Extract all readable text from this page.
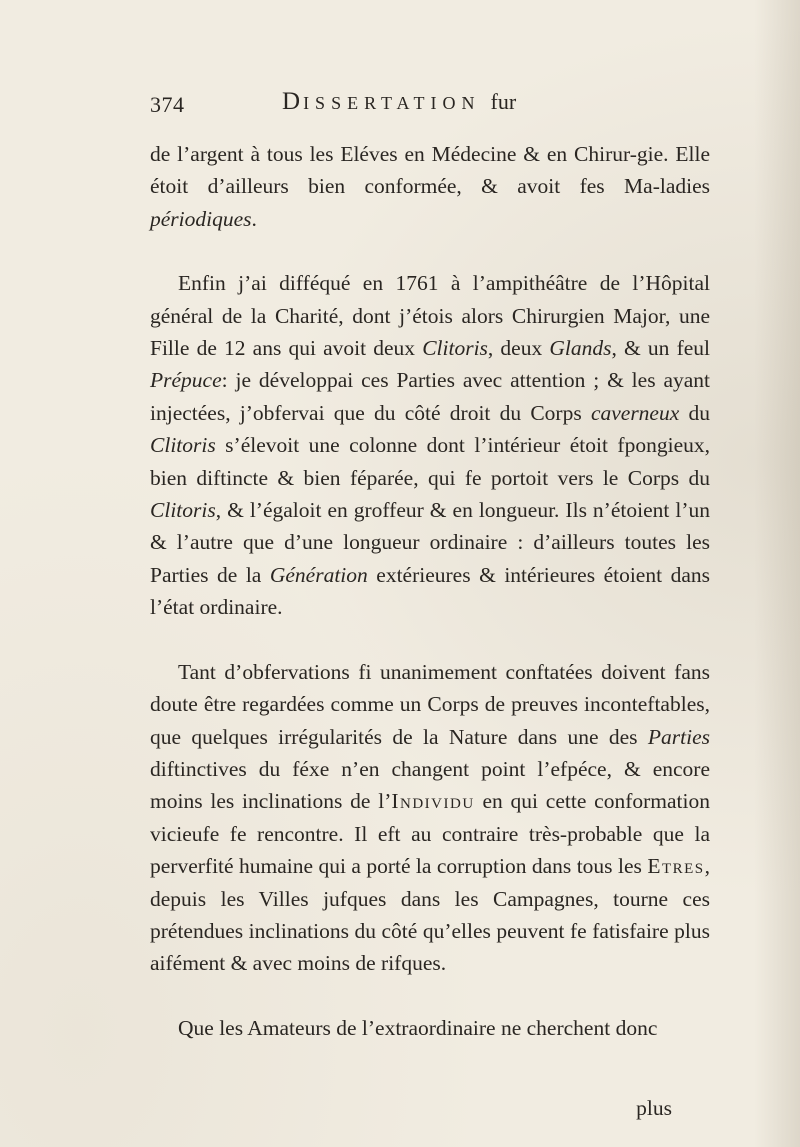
374	DISSERTATION fur

de l’argent à tous les Eléves en Médecine & en Chirur-gie. Elle étoit d’ailleurs bien conformée, & avoit fes Ma-ladies périodiques.

Enfin j’ai difféqué en 1761 à l’ampithéâtre de l’Hôpital général de la Charité, dont j’étois alors Chirurgien Major, une Fille de 12 ans qui avoit deux Clitoris, deux Glands, & un feul Prépuce: je développai ces Parties avec attention ; & les ayant injectées, j’obfervai que du côté droit du Corps caverneux du Clitoris s’élevoit une colonne dont l’intérieur étoit fpongieux, bien diftincte & bien féparée, qui fe portoit vers le Corps du Clitoris, & l’égaloit en groffeur & en longueur. Ils n’étoient l’un & l’autre que d’une longueur ordinaire : d’ailleurs toutes les Parties de la Génération extérieures & intérieures étoient dans l’état ordinaire.

Tant d’obfervations fi unanimement conftatées doivent fans doute être regardées comme un Corps de preuves inconteftables, que quelques irrégularités de la Nature dans une des Parties diftinctives du féxe n’en changent point l’efpéce, & encore moins les inclinations de l’Individu en qui cette conformation vicieufe fe rencontre. Il eft au contraire très-probable que la perverfité humaine qui a porté la corruption dans tous les Etres, depuis les Villes jufques dans les Campagnes, tourne ces prétendues inclinations du côté qu’elles peuvent fe fatisfaire plus aifément & avec moins de rifques.

Que les Amateurs de l’extraordinaire ne cherchent donc

plus
